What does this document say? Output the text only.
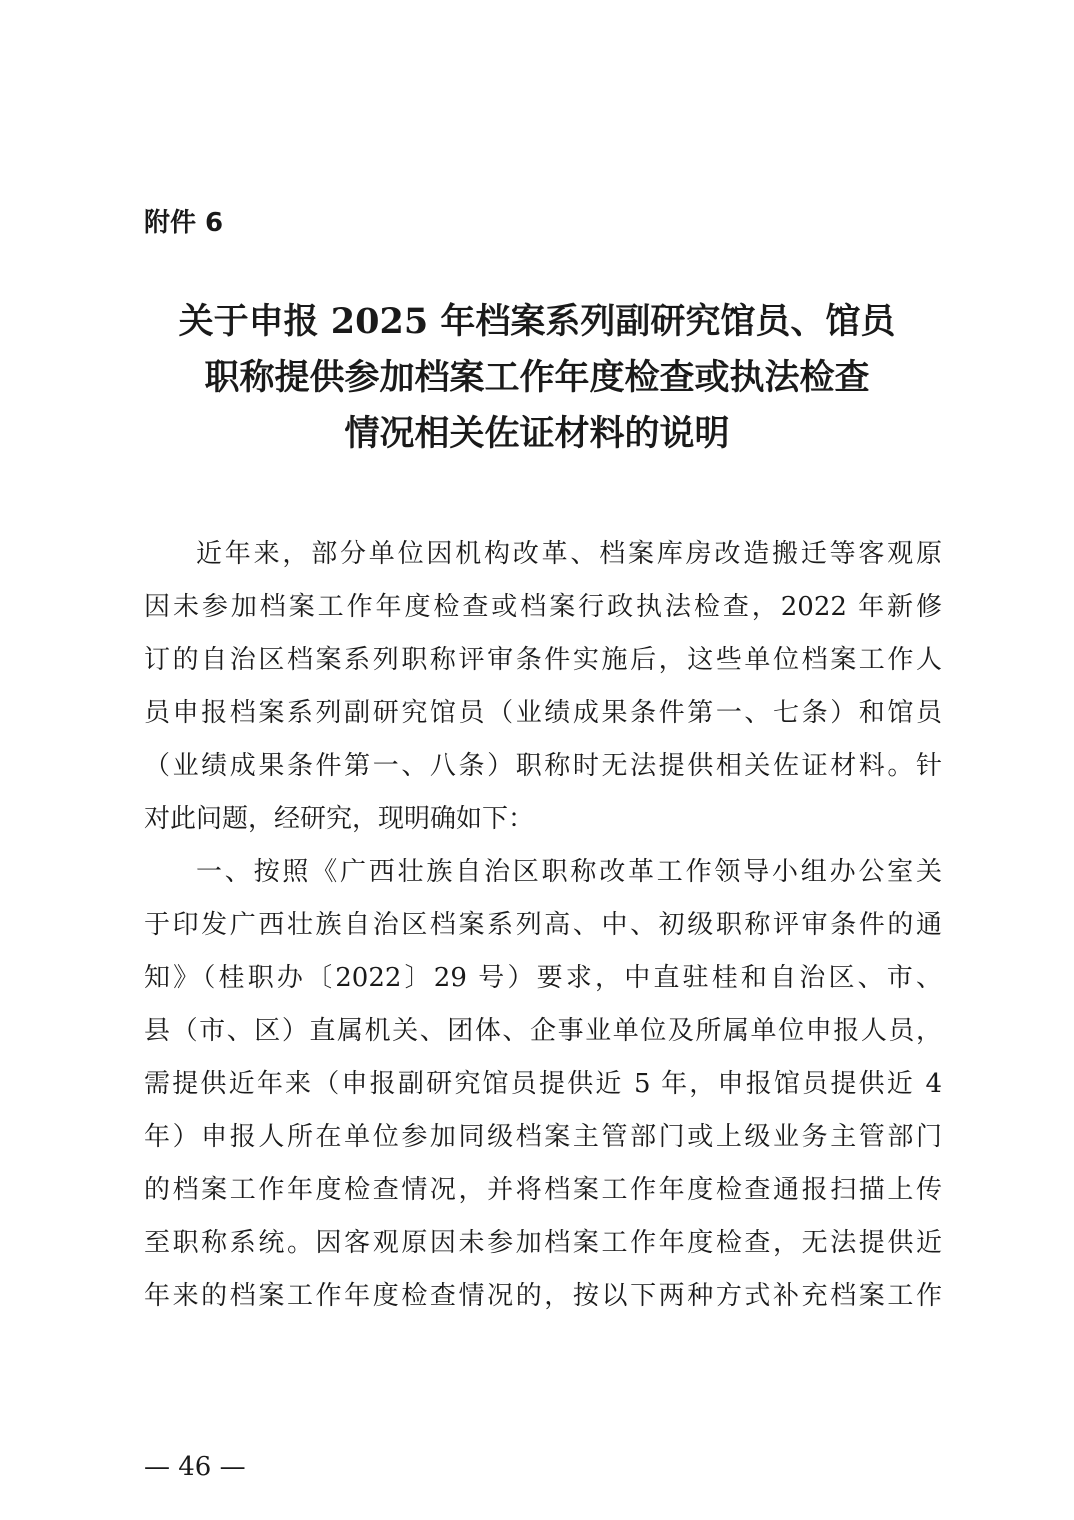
附件 6
关于申报 2025 年档案系列副研究馆员、馆员
职称提供参加档案工作年度检查或执法检查
情况相关佐证材料的说明
近年来，部分单位因机构改革、档案库房改造搬迁等客观原
因未参加档案工作年度检查或档案行政执法检查，2022 年新修
订的自治区档案系列职称评审条件实施后，这些单位档案工作人
员申报档案系列副研究馆员（业绩成果条件第一、七条）和馆员
（业绩成果条件第一、八条）职称时无法提供相关佐证材料。针
对此问题，经研究，现明确如下：
一、按照《广西壮族自治区职称改革工作领导小组办公室关
于印发广西壮族自治区档案系列高、中、初级职称评审条件的通
知》（桂职办〔2022〕29 号）要求，中直驻桂和自治区、市、
县（市、区）直属机关、团体、企事业单位及所属单位申报人员，
需提供近年来（申报副研究馆员提供近 5 年，申报馆员提供近 4
年）申报人所在单位参加同级档案主管部门或上级业务主管部门
的档案工作年度检查情况，并将档案工作年度检查通报扫描上传
至职称系统。因客观原因未参加档案工作年度检查，无法提供近
年来的档案工作年度检查情况的，按以下两种方式补充档案工作
— 46 —
